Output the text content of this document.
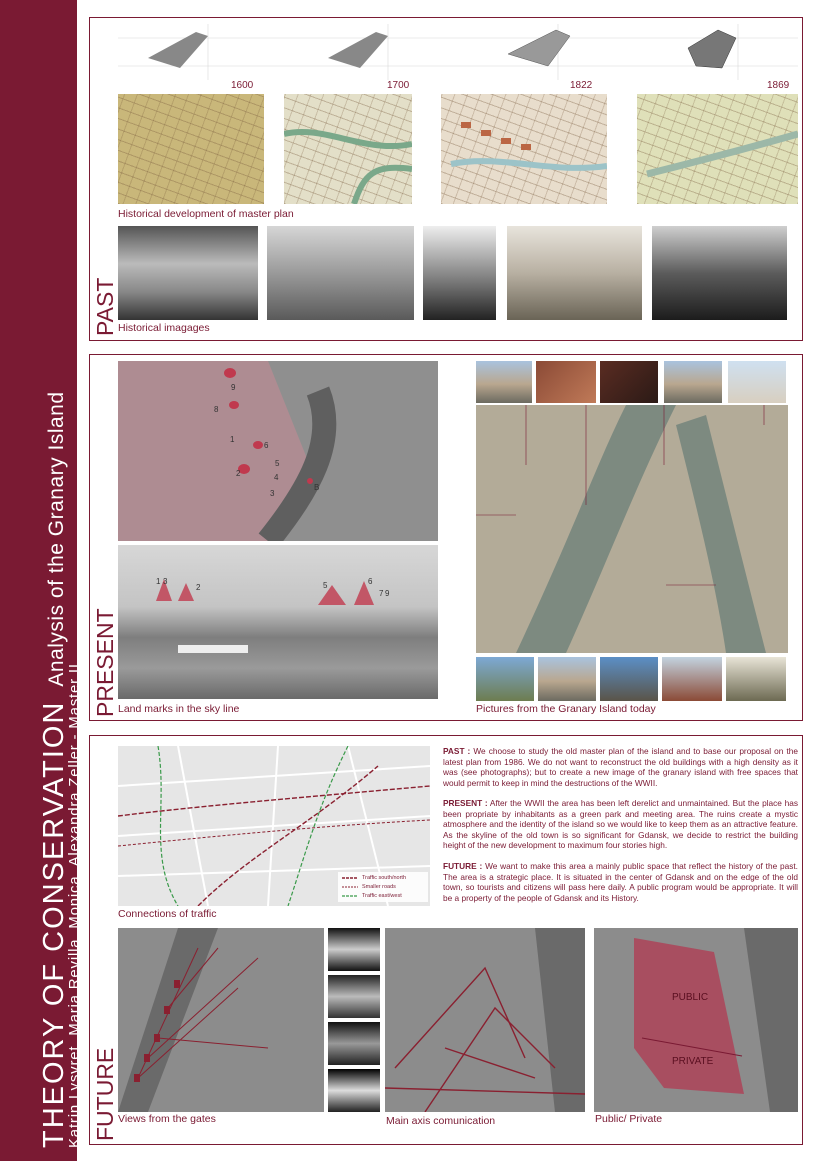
THEORY OF CONSERVATIONAnalysis of the Granary Island
Katrin Lysvret, Maria Revilla, Monica, Alexandra Zeller - Master II
PAST
1600	1700	1822	1869
Historical development of master plan
Historical imagages
PRESENT
9
8
1
6
5
2	4
3
B
1 3
2	5	6
7 9
Land marks in the sky line	Pictures from the Granary Island today
FUTURE
Traffic south/north
Smaller roads
Traffic east/west
Connections of traffic
PAST : We choose to study the old master plan of the island and to base our proposal on the latest plan from 1986. We do not want to reconstruct the old buildings with a high density as it was (see photographs); but to create a new image of the granary island with free spaces that would permit to keep in mind the destructions of the WWII.
PRESENT : After the WWII the area has been left derelict and unmaintained. But the place has been propriate by inhabitants as a green park and meeting area. The ruins create a mystic atmosphere and the identity of the island so we would like to keep them as an attractive feature. As the skyline of the old town is so significant for Gdansk, we decide to restrict the building height of the new development to maximum four stories high.
FUTURE : We want to make this area a mainly public space that reflect the history of the past. The area is a strategic place. It is situated in the center of Gdansk and on the edge of the old town, so tourists and citizens will pass here daily. A public program would be appropriate. It will be a property of the people of Gdansk and its History.
Views from the gates	Main axis comunication
PUBLIC
PRIVATE
Public/ Private
